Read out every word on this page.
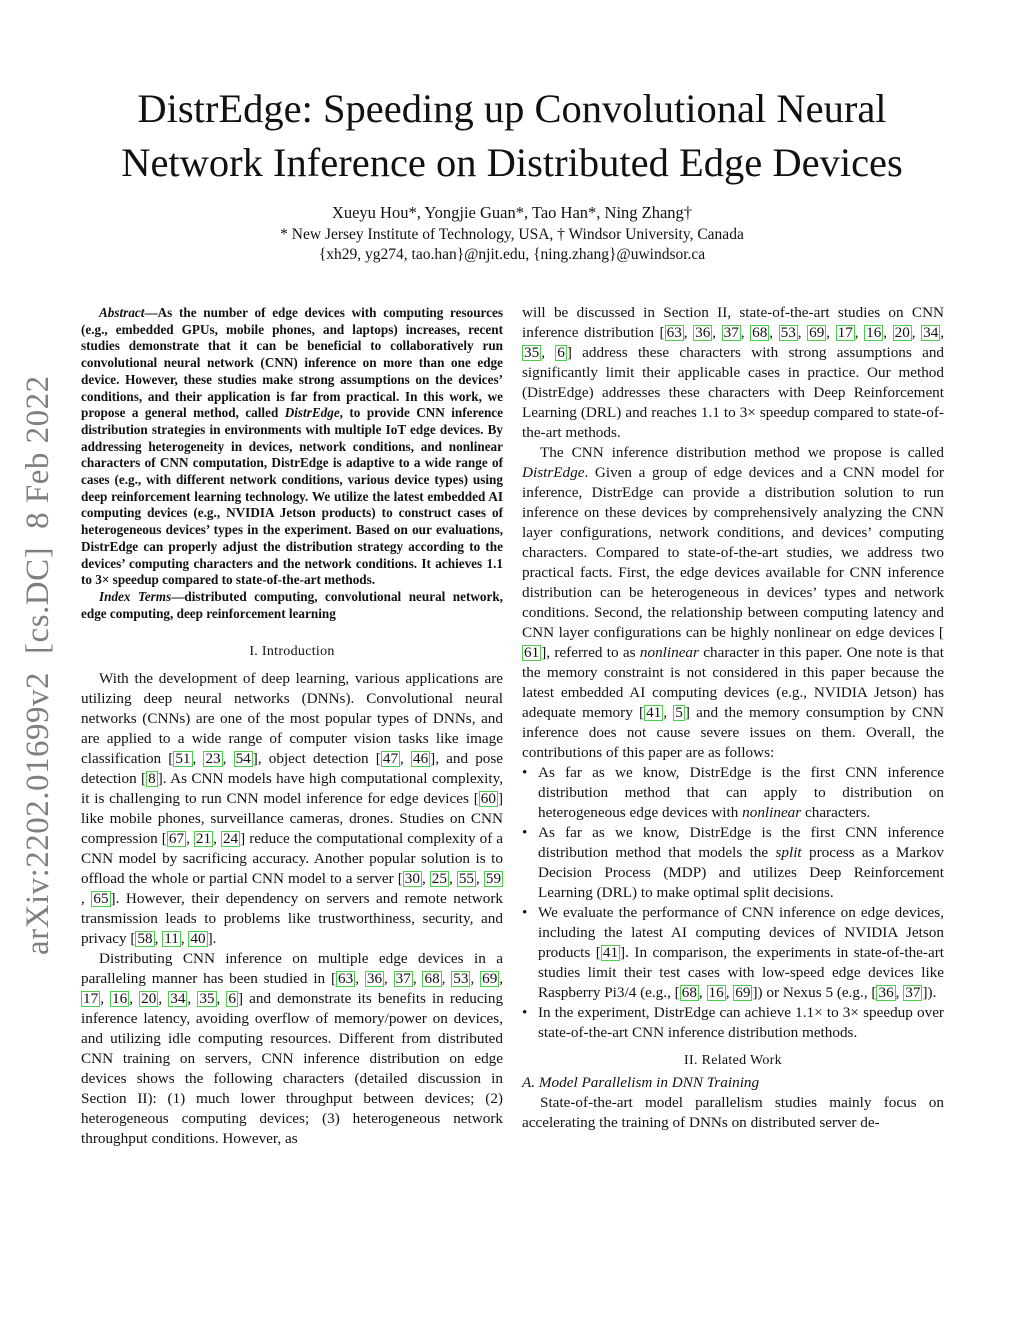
arXiv:2202.01699v2[cs.DC]8 Feb 2022
DistrEdge: Speeding up Convolutional Neural Network Inference on Distributed Edge Devices
Xueyu Hou*, Yongjie Guan*, Tao Han*, Ning Zhang†
* New Jersey Institute of Technology, USA, † Windsor University, Canada
{xh29, yg274, tao.han}@njit.edu, {ning.zhang}@uwindsor.ca

Abstract—As the number of edge devices with computing resources (e.g., embedded GPUs, mobile phones, and laptops) increases, recent studies demonstrate that it can be beneficial to collaboratively run convolutional neural network (CNN) inference on more than one edge device. However, these studies make strong assumptions on the devices’ conditions, and their application is far from practical. In this work, we propose a general method, called DistrEdge, to provide CNN inference distribution strategies in environments with multiple IoT edge devices. By addressing heterogeneity in devices, network conditions, and nonlinear characters of CNN computation, DistrEdge is adaptive to a wide range of cases (e.g., with different network conditions, various device types) using deep reinforcement learning technology. We utilize the latest embedded AI computing devices (e.g., NVIDIA Jetson products) to construct cases of heterogeneous devices’ types in the experiment. Based on our evaluations, DistrEdge can properly adjust the distribution strategy according to the devices’ computing characters and the network conditions. It achieves 1.1 to 3× speedup compared to state-of-the-art methods.

Index Terms—distributed computing, convolutional neural network, edge computing, deep reinforcement learning

I. Introduction

With the development of deep learning, various applications are utilizing deep neural networks (DNNs). Convolutional neural networks (CNNs) are one of the most popular types of DNNs, and are applied to a wide range of computer vision tasks like image classification [ 51 , 23 , 54 ], object detection [ 47 , 46 ], and pose detection [ 8 ]. As CNN models have high computational complexity, it is challenging to run CNN model inference for edge devices [ 60 ] like mobile phones, surveillance cameras, drones. Studies on CNN compression [ 67 , 21 , 24 ] reduce the computational complexity of a CNN model by sacrificing accuracy. Another popular solution is to offload the whole or partial CNN model to a server [ 30 , 25 , 55 , 59, 65 ]. However, their dependency on servers and remote network transmission leads to problems like trustworthiness, security, and privacy [ 58 , 11 , 40 ].

Distributing CNN inference on multiple edge devices in a paralleling manner has been studied in [ 63 , 36 , 37 , 68 , 53 , 69 , 17 , 16 , 20 , 34 , 35 , 6 ] and demonstrate its benefits in reducing inference latency, avoiding overflow of memory/power on devices, and utilizing idle computing resources. Different from distributed CNN training on servers, CNN inference distribution on edge devices shows the following characters (detailed discussion in Section II): (1) much lower throughput between devices; (2) heterogeneous computing devices; (3) heterogeneous network throughput conditions. However, as

will be discussed in Section II, state-of-the-art studies on CNN inference distribution [ 63 , 36 , 37 , 68 , 53 , 69 , 17 , 16 , 20 , 34 , 35 , 6 ] address these characters with strong assumptions and significantly limit their applicable cases in practice. Our method (DistrEdge) addresses these characters with Deep Reinforcement Learning (DRL) and reaches 1.1 to 3× speedup compared to state-of-the-art methods.

The CNN inference distribution method we propose is called DistrEdge. Given a group of edge devices and a CNN model for inference, DistrEdge can provide a distribution solution to run inference on these devices by comprehensively analyzing the CNN layer configurations, network conditions, and devices’ computing characters. Compared to state-of-the-art studies, we address two practical facts. First, the edge devices available for CNN inference distribution can be heterogeneous in devices’ types and network conditions. Second, the relationship between computing latency and CNN layer configurations can be highly nonlinear on edge devices [61 ], referred to as nonlinear character in this paper. One note is that the memory constraint is not considered in this paper because the latest embedded AI computing devices (e.g., NVIDIA Jetson) has adequate memory [ 41 , 5 ] and the memory consumption by CNN inference does not cause severe issues on them. Overall, the contributions of this paper are as follows:

• As far as we know, DistrEdge is the first CNN inference distribution method that can apply to distribution on heterogeneous edge devices with nonlinear characters.
• As far as we know, DistrEdge is the first CNN inference distribution method that models the split process as a Markov Decision Process (MDP) and utilizes Deep Reinforcement Learning (DRL) to make optimal split decisions.
• We evaluate the performance of CNN inference on edge devices, including the latest AI computing devices of NVIDIA Jetson products [ 41 ]. In comparison, the experiments in state-of-the-art studies limit their test cases with low-speed edge devices like Raspberry Pi3/4 (e.g., [ 68 , 16 , 69 ]) or Nexus 5 (e.g., [ 36 , 37 ]).
• In the experiment, DistrEdge can achieve 1.1× to 3× speedup over state-of-the-art CNN inference distribution methods.
II. Related Work

A. Model Parallelism in DNN Training

State-of-the-art model parallelism studies mainly focus on accelerating the training of DNNs on distributed server de-
